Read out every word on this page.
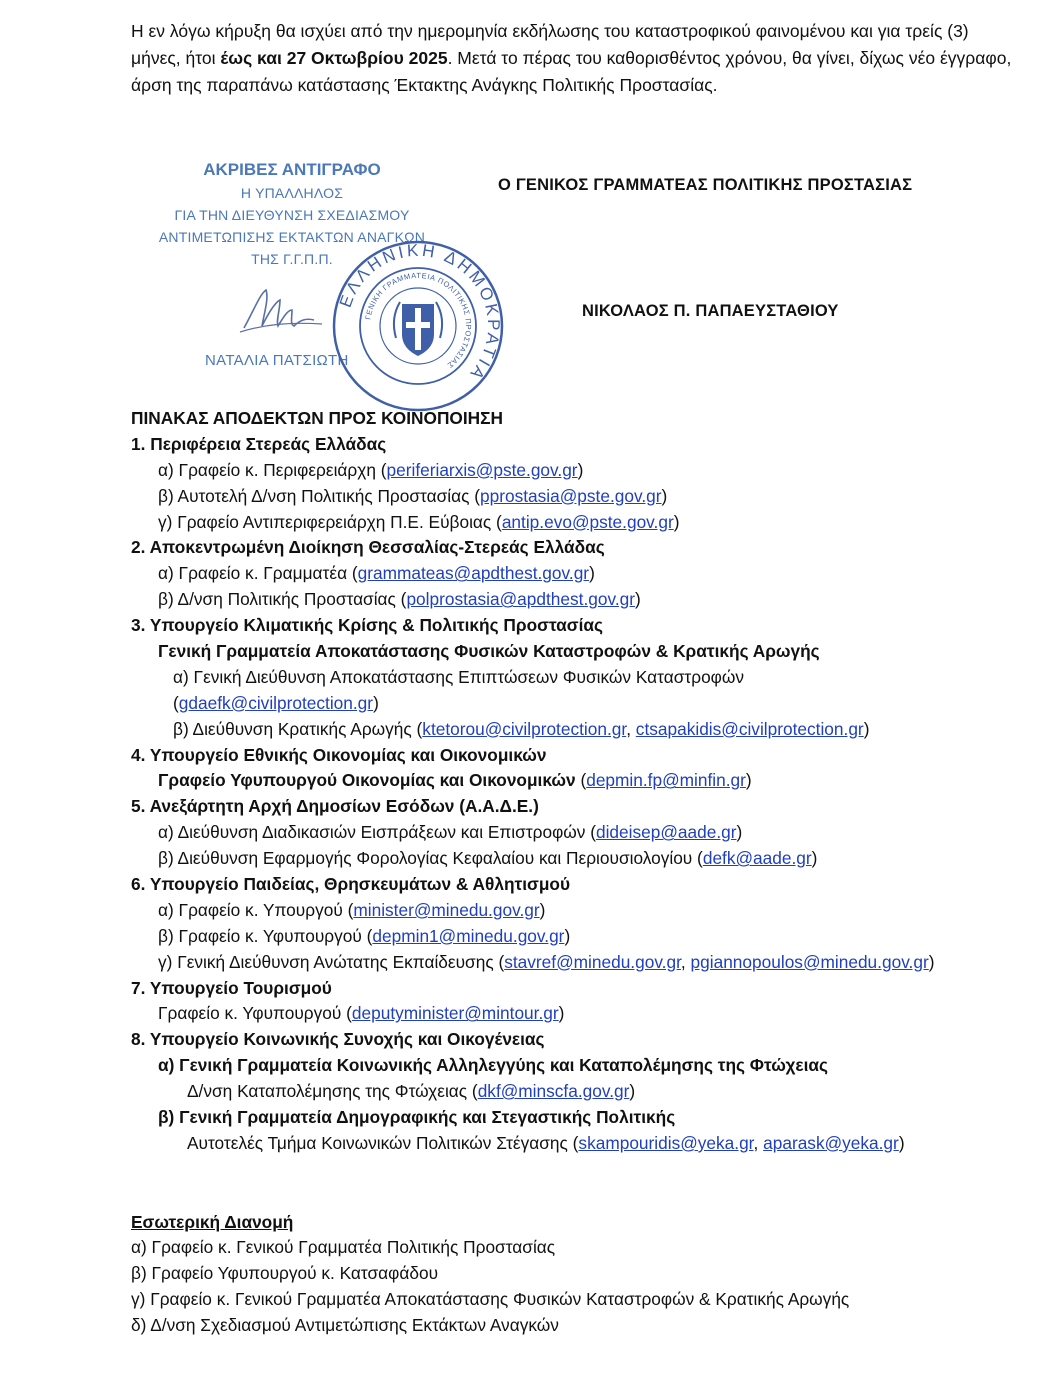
Η εν λόγω κήρυξη θα ισχύει από την ημερομηνία εκδήλωσης του καταστροφικού φαινομένου και για τρείς (3) μήνες, ήτοι έως και 27 Οκτωβρίου 2025. Μετά το πέρας του καθορισθέντος χρόνου, θα γίνει, δίχως νέο έγγραφο, άρση της παραπάνω κατάστασης Έκτακτης Ανάγκης Πολιτικής Προστασίας.

ΑΚΡΙΒΕΣ ΑΝΤΙΓΡΑΦΟ
Η ΥΠΑΛΛΗΛΟΣ
ΓΙΑ ΤΗΝ ΔΙΕΥΘΥΝΣΗ ΣΧΕΔΙΑΣΜΟΥ
ΑΝΤΙΜΕΤΩΠΙΣΗΣ ΕΚΤΑΚΤΩΝ ΑΝΑΓΚΩΝ
ΤΗΣ Γ.Γ.Π.Π.
ΝΑΤΑΛΙΑ ΠΑΤΣΙΩΤΗ
ΕΛΛΗΝΙΚΗ ΔΗΜΟΚΡΑΤΙΑ
ΓΕΝΙΚΗ ΓΡΑΜΜΑΤΕΙΑ ΠΟΛΙΤΙΚΗΣ ΠΡΟΣΤΑΣΙΑΣ
Ο ΓΕΝΙΚΟΣ ΓΡΑΜΜΑΤΕΑΣ ΠΟΛΙΤΙΚΗΣ ΠΡΟΣΤΑΣΙΑΣ
ΝΙΚΟΛΑΟΣ Π. ΠΑΠΑΕΥΣΤΑΘΙΟΥ
ΠΙΝΑΚΑΣ ΑΠΟΔΕΚΤΩΝ ΠΡΟΣ ΚΟΙΝΟΠΟΙΗΣΗ
1. Περιφέρεια Στερεάς Ελλάδας
α) Γραφείο κ. Περιφερειάρχη (periferiarxis@pste.gov.gr)
β) Αυτοτελή Δ/νση Πολιτικής Προστασίας (pprostasia@pste.gov.gr)
γ) Γραφείο Αντιπεριφερειάρχη Π.Ε. Εύβοιας (antip.evo@pste.gov.gr)
2. Αποκεντρωμένη Διοίκηση Θεσσαλίας-Στερεάς Ελλάδας
α) Γραφείο κ. Γραμματέα (grammateas@apdthest.gov.gr)
β) Δ/νση Πολιτικής Προστασίας (polprostasia@apdthest.gov.gr)
3. Υπουργείο Κλιματικής Κρίσης & Πολιτικής Προστασίας
Γενική Γραμματεία Αποκατάστασης Φυσικών Καταστροφών & Κρατικής Αρωγής
α) Γενική Διεύθυνση Αποκατάστασης Επιπτώσεων Φυσικών Καταστροφών
(gdaefk@civilprotection.gr)
β) Διεύθυνση Κρατικής Αρωγής (ktetorou@civilprotection.gr, ctsapakidis@civilprotection.gr)
4. Υπουργείο Εθνικής Οικονομίας και Οικονομικών
Γραφείο Υφυπουργού Οικονομίας και Οικονομικών (depmin.fp@minfin.gr)
5. Ανεξάρτητη Αρχή Δημοσίων Εσόδων (Α.Α.Δ.Ε.)
α) Διεύθυνση Διαδικασιών Εισπράξεων και Επιστροφών (dideisep@aade.gr)
β) Διεύθυνση Εφαρμογής Φορολογίας Κεφαλαίου και Περιουσιολογίου (defk@aade.gr)
6. Υπουργείο Παιδείας, Θρησκευμάτων & Αθλητισμού
α) Γραφείο κ. Υπουργού (minister@minedu.gov.gr)
β) Γραφείο κ. Υφυπουργού (depmin1@minedu.gov.gr)
γ) Γενική Διεύθυνση Ανώτατης Εκπαίδευσης (stavref@minedu.gov.gr, pgiannopoulos@minedu.gov.gr)
7. Υπουργείο Τουρισμού
Γραφείο κ. Υφυπουργού (deputyminister@mintour.gr)
8. Υπουργείο Κοινωνικής Συνοχής και Οικογένειας
α) Γενική Γραμματεία Κοινωνικής Αλληλεγγύης και Καταπολέμησης της Φτώχειας
Δ/νση Καταπολέμησης της Φτώχειας (dkf@minscfa.gov.gr)
β) Γενική Γραμματεία Δημογραφικής και Στεγαστικής Πολιτικής
Αυτοτελές Τμήμα Κοινωνικών Πολιτικών Στέγασης (skampouridis@yeka.gr, aparask@yeka.gr)
Εσωτερική Διανομή
α) Γραφείο κ. Γενικού Γραμματέα Πολιτικής Προστασίας
β) Γραφείο Υφυπουργού κ. Κατσαφάδου
γ) Γραφείο κ. Γενικού Γραμματέα Αποκατάστασης Φυσικών Καταστροφών & Κρατικής Αρωγής
δ) Δ/νση Σχεδιασμού Αντιμετώπισης Εκτάκτων Αναγκών
